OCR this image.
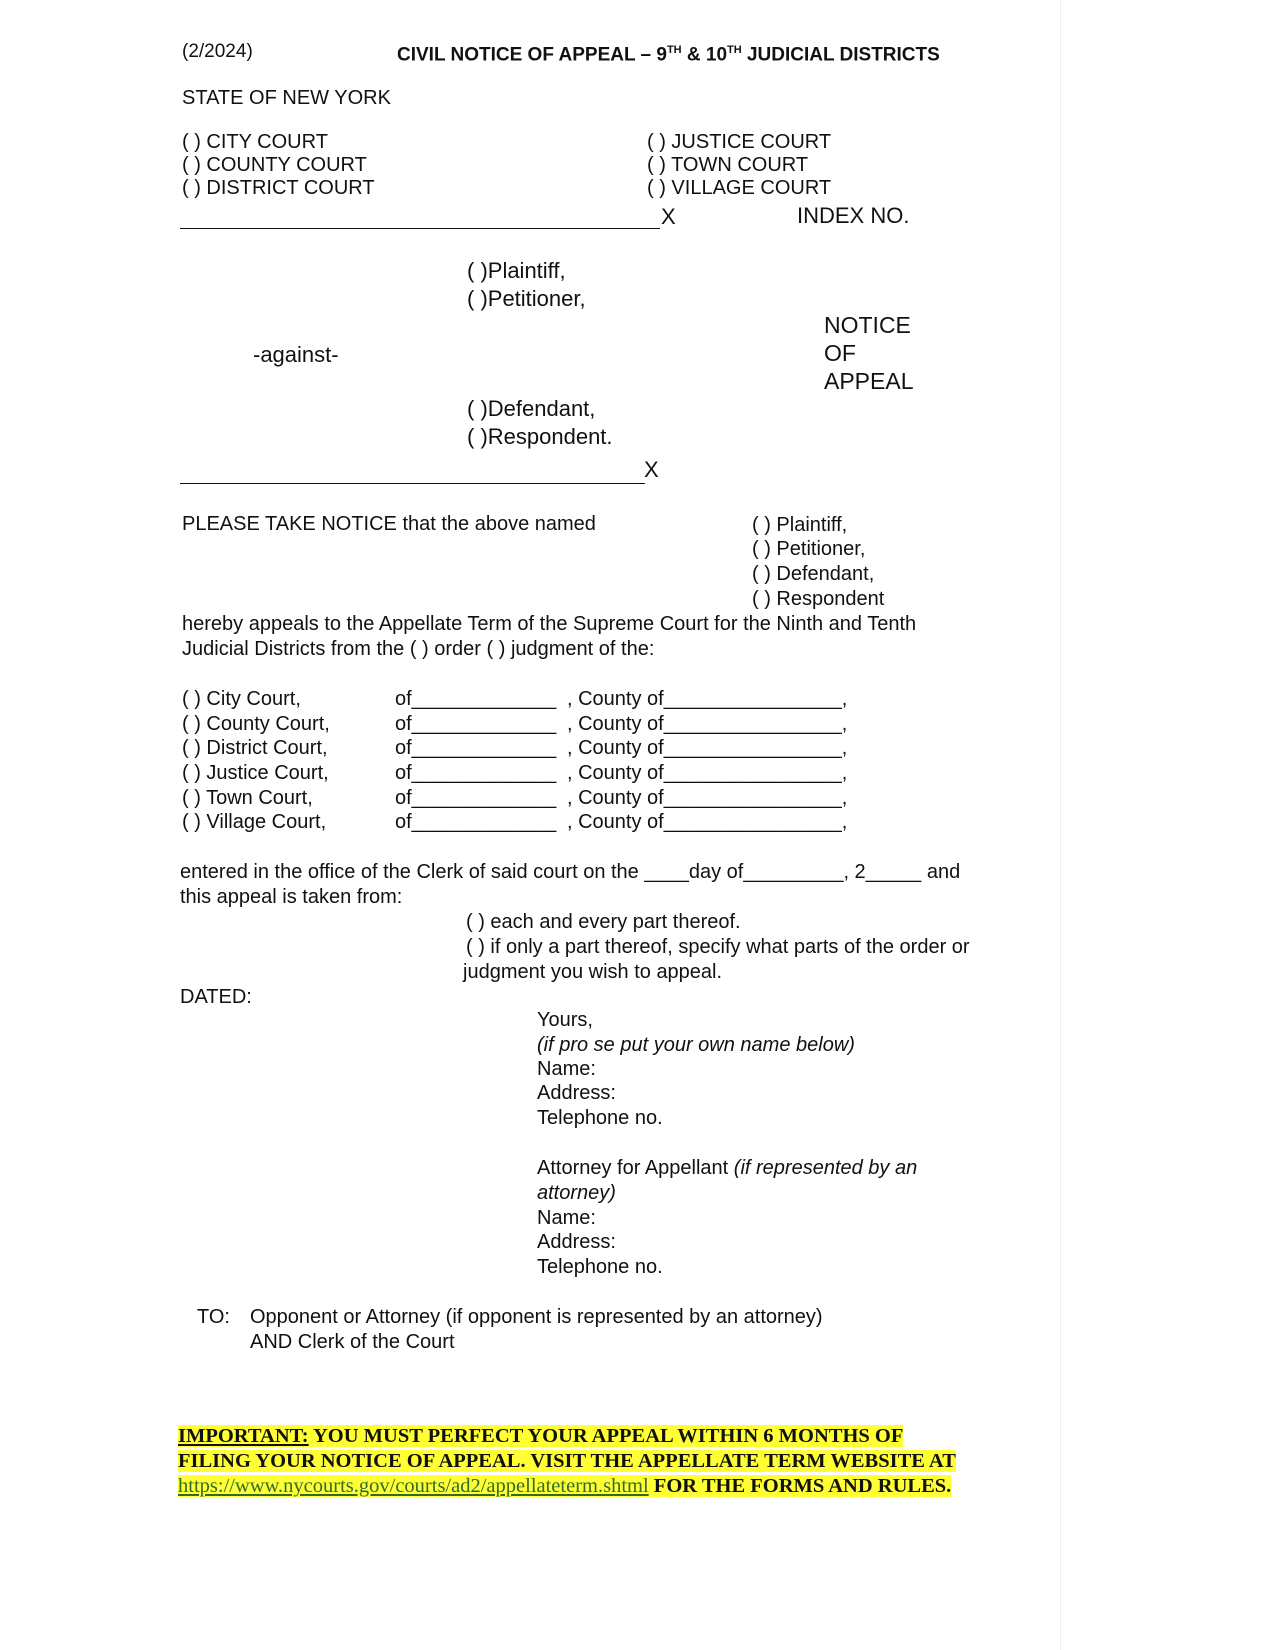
(2/2024)	CIVIL NOTICE OF APPEAL – 9TH & 10TH JUDICIAL DISTRICTS
STATE OF NEW YORK
( ) CITY COURT
( ) COUNTY COURT
( ) DISTRICT COURT
( ) JUSTICE COURT
( ) TOWN COURT
( ) VILLAGE COURT
X	INDEX NO.
( )Plaintiff,
( )Petitioner,
-against-
NOTICE
OF
APPEAL
( )Defendant,
( )Respondent.
X
PLEASE TAKE NOTICE that the above named	( ) Plaintiff,
( ) Petitioner,
( ) Defendant,
( ) Respondent
hereby appeals to the Appellate Term of the Supreme Court for the Ninth and Tenth
Judicial Districts from the ( ) order ( ) judgment of the:
( ) City Court,	of_____________ , County of________________,
( ) County Court,	of_____________ , County of________________,
( ) District Court,	of_____________ , County of________________,
( ) Justice Court,	of_____________ , County of________________,
( ) Town Court,	of_____________ , County of________________,
( ) Village Court,	of_____________ , County of________________,
entered in the office of the Clerk of said court on the ____day of_________, 2_____ and
this appeal is taken from:
( ) each and every part thereof.
( ) if only a part thereof, specify what parts of the order or
judgment you wish to appeal.
DATED:
Yours,
(if pro se put your own name below)
Name:
Address:
Telephone no.
Attorney for Appellant (if represented by an
attorney)
Name:
Address:
Telephone no.
TO: Opponent or Attorney (if opponent is represented by an attorney)
AND Clerk of the Court
IMPORTANT: YOU MUST PERFECT YOUR APPEAL WITHIN 6 MONTHS OF
FILING YOUR NOTICE OF APPEAL. VISIT THE APPELLATE TERM WEBSITE AT
https://www.nycourts.gov/courts/ad2/appellateterm.shtml FOR THE FORMS AND RULES.
